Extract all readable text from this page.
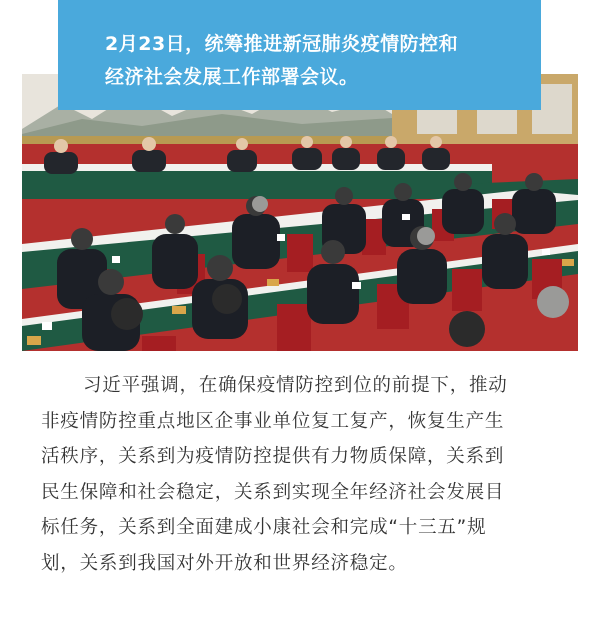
2月23日，统筹推进新冠肺炎疫情防控和
经济社会发展工作部署会议。

习近平强调，在确保疫情防控到位的前提下，推动

非疫情防控重点地区企事业单位复工复产，恢复生产生

活秩序，关系到为疫情防控提供有力物质保障，关系到

民生保障和社会稳定，关系到实现全年经济社会发展目

标任务，关系到全面建成小康社会和完成“十三五”规

划，关系到我国对外开放和世界经济稳定。
